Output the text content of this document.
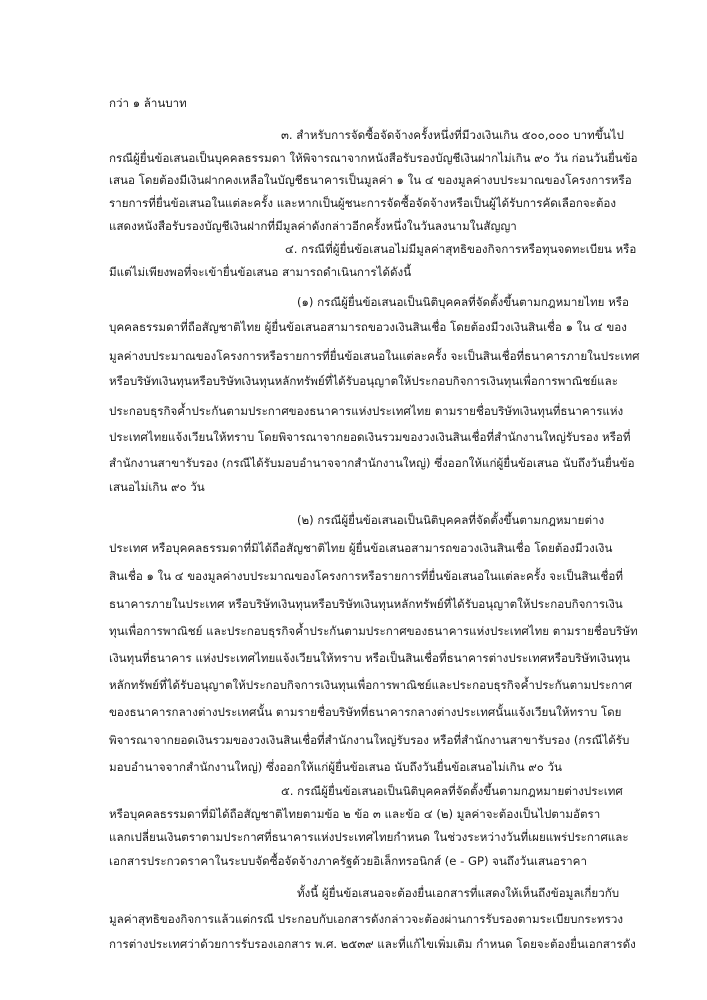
กว่า ๑ ล้านบาท

๓. สำหรับการจัดซื้อจัดจ้างครั้งหนึ่งที่มีวงเงินเกิน ๕๐๐,๐๐๐ บาทขึ้นไป

กรณีผู้ยื่นข้อเสนอเป็นบุคคลธรรมดา ให้พิจารณาจากหนังสือรับรองบัญชีเงินฝากไม่เกิน ๙๐ วัน ก่อนวันยื่นข้อ

เสนอ โดยต้องมีเงินฝากคงเหลือในบัญชีธนาคารเป็นมูลค่า ๑ ใน ๔ ของมูลค่างบประมาณของโครงการหรือ

รายการที่ยื่นข้อเสนอในแต่ละครั้ง และหากเป็นผู้ชนะการจัดซื้อจัดจ้างหรือเป็นผู้ได้รับการคัดเลือกจะต้อง

แสดงหนังสือรับรองบัญชีเงินฝากที่มีมูลค่าดังกล่าวอีกครั้งหนึ่งในวันลงนามในสัญญา

๔. กรณีที่ผู้ยื่นข้อเสนอไม่มีมูลค่าสุทธิของกิจการหรือทุนจดทะเบียน หรือ

มีแต่ไม่เพียงพอที่จะเข้ายื่นข้อเสนอ สามารถดำเนินการได้ดังนี้

(๑) กรณีผู้ยื่นข้อเสนอเป็นนิติบุคคลที่จัดตั้งขึ้นตามกฎหมายไทย หรือ

บุคคลธรรมดาที่ถือสัญชาติไทย ผู้ยื่นข้อเสนอสามารถขอวงเงินสินเชื่อ โดยต้องมีวงเงินสินเชื่อ ๑ ใน ๔ ของ

มูลค่างบประมาณของโครงการหรือรายการที่ยื่นข้อเสนอในแต่ละครั้ง จะเป็นสินเชื่อที่ธนาคารภายในประเทศ

หรือบริษัทเงินทุนหรือบริษัทเงินทุนหลักทรัพย์ที่ได้รับอนุญาตให้ประกอบกิจการเงินทุนเพื่อการพาณิชย์และ

ประกอบธุรกิจค้ำประกันตามประกาศของธนาคารแห่งประเทศไทย ตามรายชื่อบริษัทเงินทุนที่ธนาคารแห่ง

ประเทศไทยแจ้งเวียนให้ทราบ โดยพิจารณาจากยอดเงินรวมของวงเงินสินเชื่อที่สำนักงานใหญ่รับรอง หรือที่

สำนักงานสาขารับรอง (กรณีได้รับมอบอำนาจจากสำนักงานใหญ่) ซึ่งออกให้แก่ผู้ยื่นข้อเสนอ นับถึงวันยื่นข้อ

เสนอไม่เกิน ๙๐ วัน

(๒) กรณีผู้ยื่นข้อเสนอเป็นนิติบุคคลที่จัดตั้งขึ้นตามกฎหมายต่าง

ประเทศ หรือบุคคลธรรมดาที่มิได้ถือสัญชาติไทย ผู้ยื่นข้อเสนอสามารถขอวงเงินสินเชื่อ โดยต้องมีวงเงิน

สินเชื่อ ๑ ใน ๔ ของมูลค่างบประมาณของโครงการหรือรายการที่ยื่นข้อเสนอในแต่ละครั้ง จะเป็นสินเชื่อที่

ธนาคารภายในประเทศ หรือบริษัทเงินทุนหรือบริษัทเงินทุนหลักทรัพย์ที่ได้รับอนุญาตให้ประกอบกิจการเงิน

ทุนเพื่อการพาณิชย์ และประกอบธุรกิจค้ำประกันตามประกาศของธนาคารแห่งประเทศไทย ตามรายชื่อบริษัท

เงินทุนที่ธนาคาร แห่งประเทศไทยแจ้งเวียนให้ทราบ หรือเป็นสินเชื่อที่ธนาคารต่างประเทศหรือบริษัทเงินทุน

หลักทรัพย์ที่ได้รับอนุญาตให้ประกอบกิจการเงินทุนเพื่อการพาณิชย์และประกอบธุรกิจค้ำประกันตามประกาศ

ของธนาคารกลางต่างประเทศนั้น ตามรายชื่อบริษัทที่ธนาคารกลางต่างประเทศนั้นแจ้งเวียนให้ทราบ โดย

พิจารณาจากยอดเงินรวมของวงเงินสินเชื่อที่สำนักงานใหญ่รับรอง หรือที่สำนักงานสาขารับรอง (กรณีได้รับ

มอบอำนาจจากสำนักงานใหญ่) ซึ่งออกให้แก่ผู้ยื่นข้อเสนอ นับถึงวันยื่นข้อเสนอไม่เกิน ๙๐ วัน

๕. กรณีผู้ยื่นข้อเสนอเป็นนิติบุคคลที่จัดตั้งขึ้นตามกฎหมายต่างประเทศ

หรือบุคคลธรรมดาที่มิได้ถือสัญชาติไทยตามข้อ ๒ ข้อ ๓ และข้อ ๔ (๒) มูลค่าจะต้องเป็นไปตามอัตรา

แลกเปลี่ยนเงินตราตามประกาศที่ธนาคารแห่งประเทศไทยกำหนด ในช่วงระหว่างวันที่เผยแพร่ประกาศและ

เอกสารประกวดราคาในระบบจัดซื้อจัดจ้างภาครัฐด้วยอิเล็กทรอนิกส์ (e - GP) จนถึงวันเสนอราคา

ทั้งนี้ ผู้ยื่นข้อเสนอจะต้องยื่นเอกสารที่แสดงให้เห็นถึงข้อมูลเกี่ยวกับ

มูลค่าสุทธิของกิจการแล้วแต่กรณี ประกอบกับเอกสารดังกล่าวจะต้องผ่านการรับรองตามระเบียบกระทรวง

การต่างประเทศว่าด้วยการรับรองเอกสาร พ.ศ. ๒๕๓๙ และที่แก้ไขเพิ่มเติม กำหนด โดยจะต้องยื่นเอกสารดัง
